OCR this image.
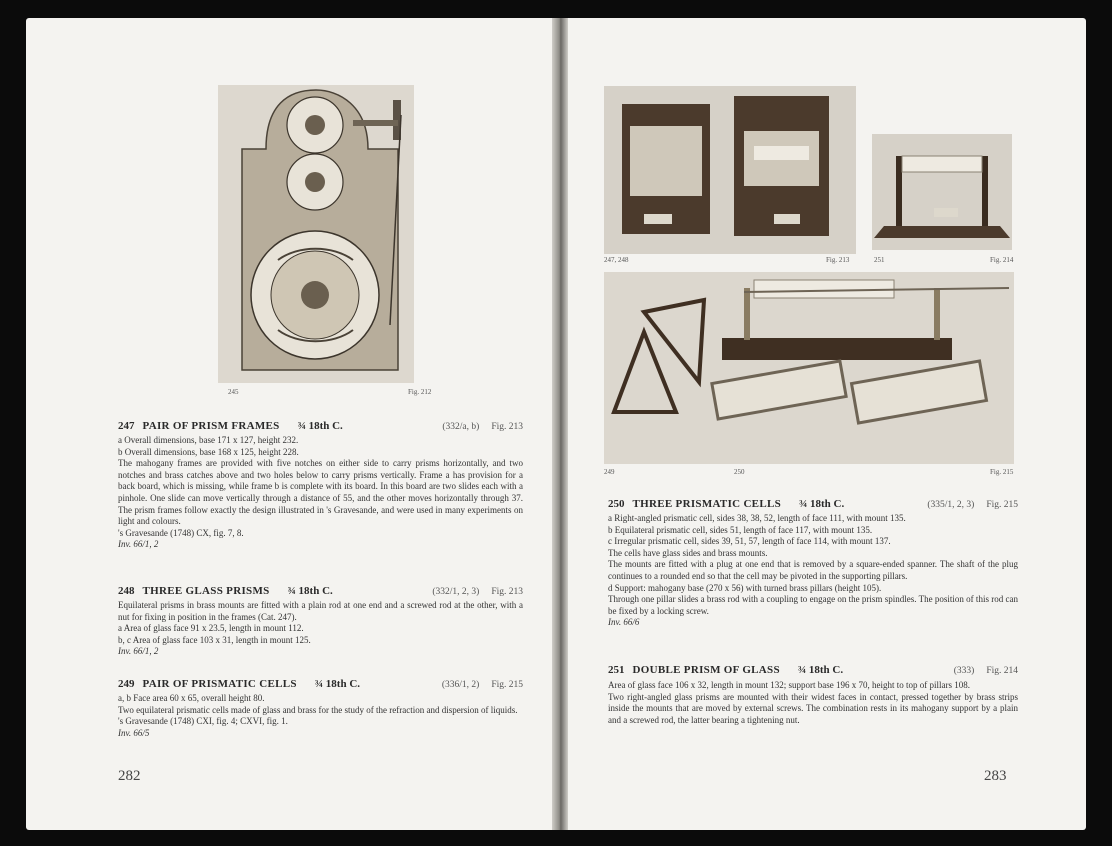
245	Fig. 212
247 PAIR OF PRISM FRAMES ¾ 18th C.	(332/a, b) Fig. 213

a Overall dimensions, base 171 x 127, height 232.

b Overall dimensions, base 168 x 125, height 228.

The mahogany frames are provided with five notches on either side to carry prisms horizontally, and two notches and brass catches above and two holes below to carry prisms vertically. Frame a has provision for a back board, which is missing, while frame b is complete with its board. In this board are two slides each with a pinhole. One slide can move vertically through a distance of 55, and the other moves horizontally through 37. The prism frames follow exactly the design illustrated in 's Gravesande, and were used in many experiments on light and colours.

's Gravesande (1748) CX, fig. 7, 8.

Inv. 66/1, 2

248 THREE GLASS PRISMS ¾ 18th C.	(332/1, 2, 3) Fig. 213

Equilateral prisms in brass mounts are fitted with a plain rod at one end and a screwed rod at the other, with a nut for fixing in position in the frames (Cat. 247).

a Area of glass face 91 x 23.5, length in mount 112.

b, c Area of glass face 103 x 31, length in mount 125.

Inv. 66/1, 2

249 PAIR OF PRISMATIC CELLS ¾ 18th C.	(336/1, 2) Fig. 215

a, b Face area 60 x 65, overall height 80.

Two equilateral prismatic cells made of glass and brass for the study of the refraction and dispersion of liquids.

's Gravesande (1748) CXI, fig. 4; CXVI, fig. 1.

Inv. 66/5

282
247, 248	Fig. 213	251	Fig. 214
249	250	Fig. 215
250 THREE PRISMATIC CELLS ¾ 18th C.	(335/1, 2, 3) Fig. 215

a Right-angled prismatic cell, sides 38, 38, 52, length of face 111, with mount 135.

b Equilateral prismatic cell, sides 51, length of face 117, with mount 135.

c Irregular prismatic cell, sides 39, 51, 57, length of face 114, with mount 137.

The cells have glass sides and brass mounts.

The mounts are fitted with a plug at one end that is removed by a square-ended spanner. The shaft of the plug continues to a rounded end so that the cell may be pivoted in the supporting pillars.

d Support: mahogany base (270 x 56) with turned brass pillars (height 105).

Through one pillar slides a brass rod with a coupling to engage on the prism spindles. The position of this rod can be fixed by a locking screw.

Inv. 66/6

251 DOUBLE PRISM OF GLASS ¾ 18th C.	(333) Fig. 214

Area of glass face 106 x 32, length in mount 132; support base 196 x 70, height to top of pillars 108.

Two right-angled glass prisms are mounted with their widest faces in contact, pressed together by brass strips inside the mounts that are moved by external screws. The combination rests in its mahogany support by a plain and a screwed rod, the latter bearing a tightening nut.

283
